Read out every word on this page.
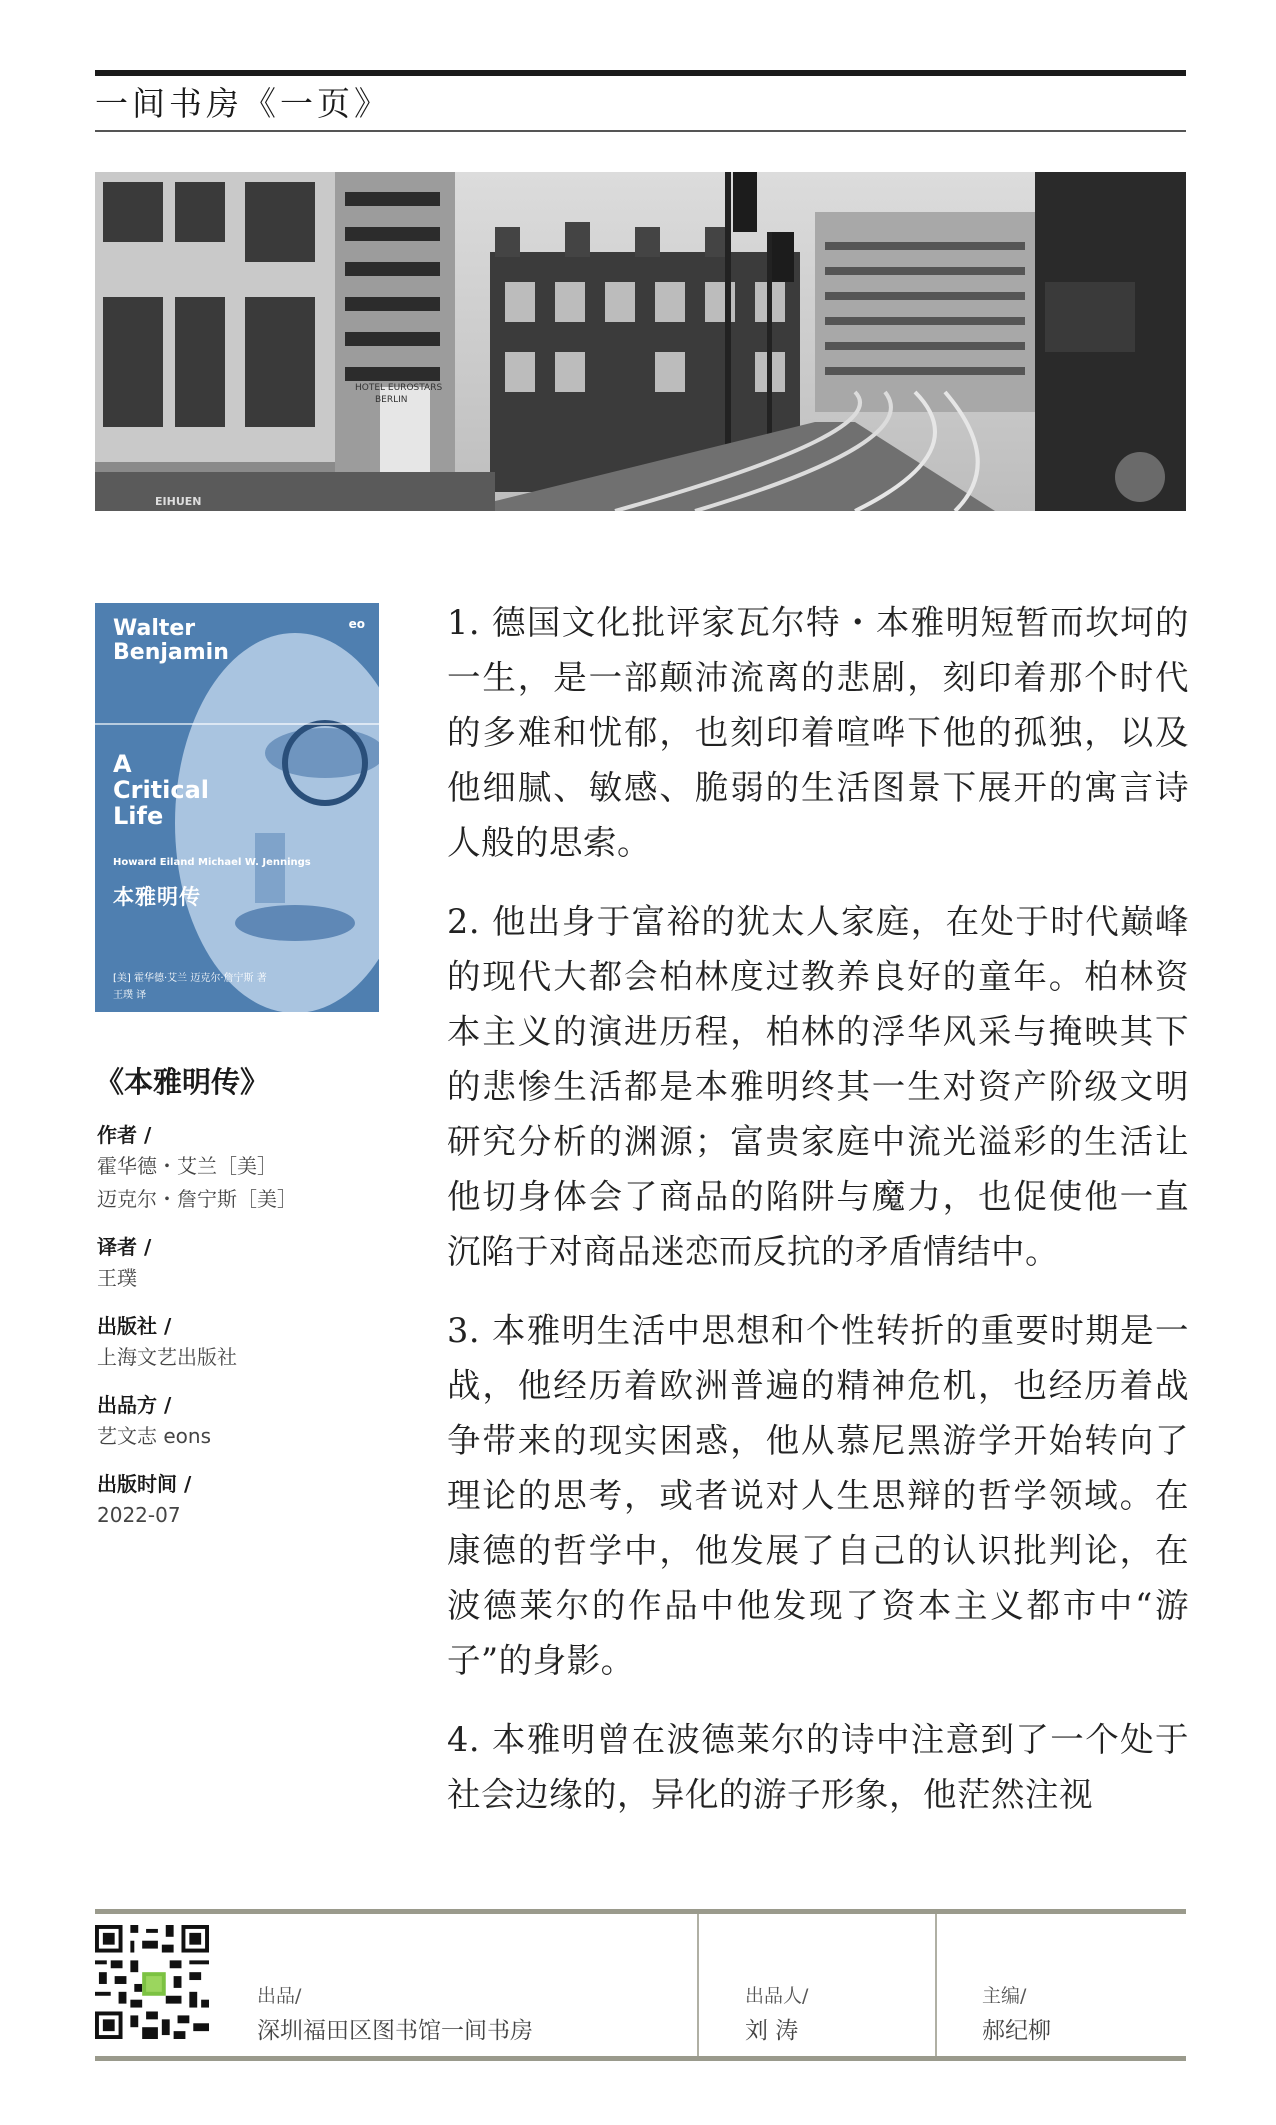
一间书房《一页》
HOTEL EUROSTARS
BERLIN
EIHUEN
Walter
Benjamin
eo
A
Critical
Life
Howard Eiland Michael W. Jennings
本雅明传
[美] 霍华德·艾兰 迈克尔·詹宁斯 著
王璞 译
《本雅明传》
作者 /
霍华德・艾兰［美］
迈克尔・詹宁斯［美］
译者 /
王璞
出版社 /
上海文艺出版社
出品方 /
艺文志 eons
出版时间 /
2022-07

1. 德国文化批评家瓦尔特・本雅明短暂而坎坷的一生，是一部颠沛流离的悲剧，刻印着那个时代的多难和忧郁，也刻印着喧哗下他的孤独，以及他细腻、敏感、脆弱的生活图景下展开的寓言诗人般的思索。

2. 他出身于富裕的犹太人家庭，在处于时代巅峰的现代大都会柏林度过教养良好的童年。柏林资本主义的演进历程，柏林的浮华风采与掩映其下的悲惨生活都是本雅明终其一生对资产阶级文明研究分析的渊源；富贵家庭中流光溢彩的生活让他切身体会了商品的陷阱与魔力，也促使他一直沉陷于对商品迷恋而反抗的矛盾情结中。

3. 本雅明生活中思想和个性转折的重要时期是一战，他经历着欧洲普遍的精神危机，也经历着战争带来的现实困惑，他从慕尼黑游学开始转向了理论的思考，或者说对人生思辩的哲学领域。在康德的哲学中，他发展了自己的认识批判论，在波德莱尔的作品中他发现了资本主义都市中“游子”的身影。

4. 本雅明曾在波德莱尔的诗中注意到了一个处于社会边缘的，异化的游子形象，他茫然注视

出品/
深圳福田区图书馆一间书房
出品人/
刘 涛
主编/
郝纪柳
